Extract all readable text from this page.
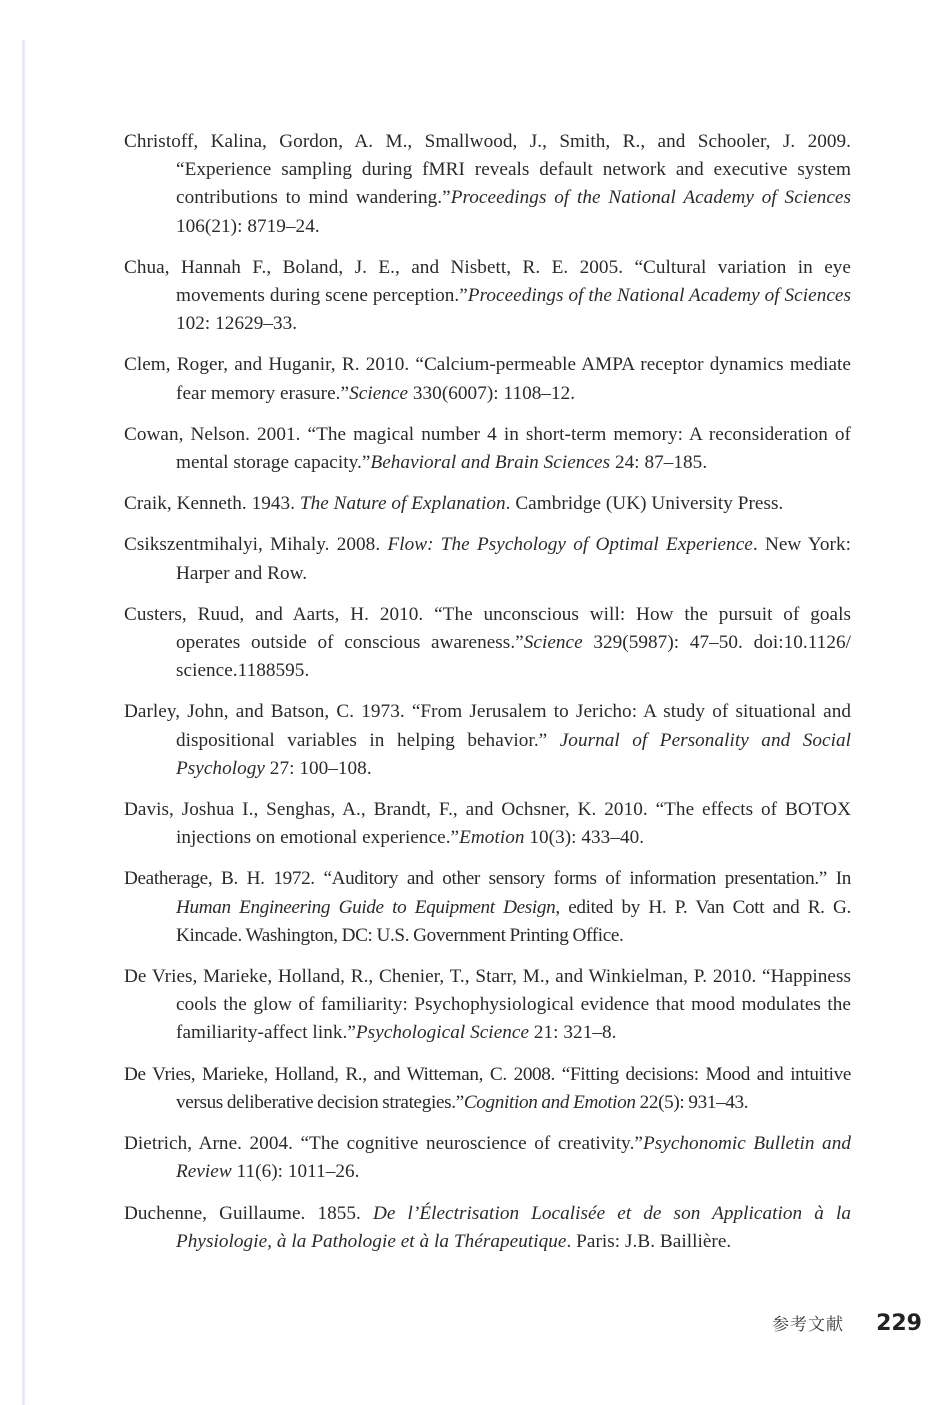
Christoff, Kalina, Gordon, A. M., Smallwood, J., Smith, R., and Schooler, J. 2009. “Experience sampling during fMRI reveals default network and executive system contributions to mind wandering.”Proceedings of the National Academy of Sciences 106(21): 8719–24.

Chua, Hannah F., Boland, J. E., and Nisbett, R. E. 2005. “Cultural variation in eye movements during scene perception.”Proceedings of the National Academy of Sciences 102: 12629–33.

Clem, Roger, and Huganir, R. 2010. “Calcium-permeable AMPA receptor dynamics mediate fear memory erasure.”Science 330(6007): 1108–12.

Cowan, Nelson. 2001. “The magical number 4 in short-term memory: A reconsideration of mental storage capacity.”Behavioral and Brain Sciences 24: 87–185.

Craik, Kenneth. 1943. The Nature of Explanation. Cambridge (UK) University Press.

Csikszentmihalyi, Mihaly. 2008. Flow: The Psychology of Optimal Experience. New York: Harper and Row.

Custers, Ruud, and Aarts, H. 2010. “The unconscious will: How the pursuit of goals operates outside of conscious awareness.”Science 329(5987): 47–50. doi:10.1126/ science.1188595.

Darley, John, and Batson, C. 1973. “From Jerusalem to Jericho: A study of situational and dispositional variables in helping behavior.” Journal of Personality and Social Psychology 27: 100–108.

Davis, Joshua I., Senghas, A., Brandt, F., and Ochsner, K. 2010. “The effects of BOTOX injections on emotional experience.”Emotion 10(3): 433–40.

Deatherage, B. H. 1972. “Auditory and other sensory forms of information presentation.” In Human Engineering Guide to Equipment Design, edited by H. P. Van Cott and R. G. Kincade. Washington, DC: U.S. Government Printing Office.

De Vries, Marieke, Holland, R., Chenier, T., Starr, M., and Winkielman, P. 2010. “Happiness cools the glow of familiarity: Psychophysiological evidence that mood modulates the familiarity-affect link.”Psychological Science 21: 321–8.

De Vries, Marieke, Holland, R., and Witteman, C. 2008. “Fitting decisions: Mood and intuitive versus deliberative decision strategies.”Cognition and Emotion 22(5): 931–43.

Dietrich, Arne. 2004. “The cognitive neuroscience of creativity.”Psychonomic Bulletin and Review 11(6): 1011–26.

Duchenne, Guillaume. 1855. De l’Électrisation Localisée et de son Application à la Physiologie, à la Pathologie et à la Thérapeutique. Paris: J.B. Baillière.

参考文献 229
